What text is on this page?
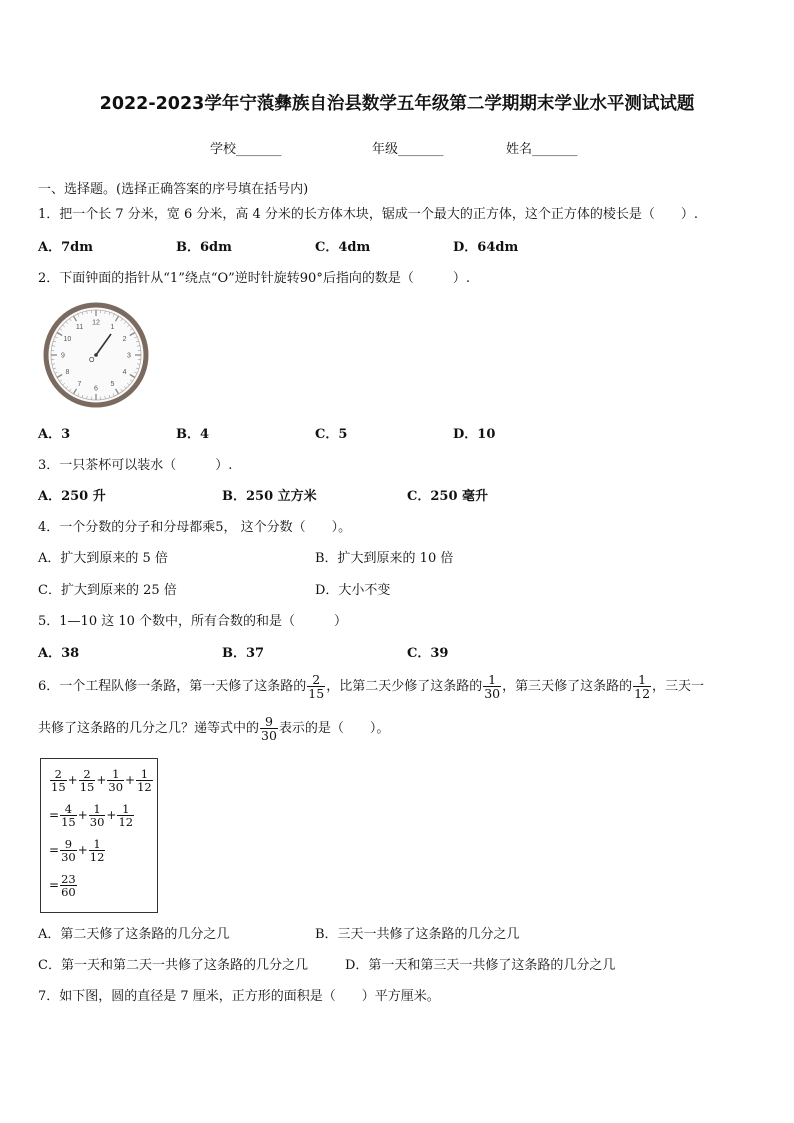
2022-2023学年宁蒗彝族自治县数学五年级第二学期期末学业水平测试试题
学校_______	年级_______	姓名_______
一、选择题。(选择正确答案的序号填在括号内)
1．把一个长 7 分米，宽 6 分米，高 4 分米的长方体木块，锯成一个最大的正方体，这个正方体的棱长是（　　）.
A．7dm	B．6dm	C．4dm	D．64dm
2．下面钟面的指针从“1”绕点“O”逆时针旋转90°后指向的数是（　　　）.
12
1
2
3
4
5
6
7
8
9
10
11
O
A．3	B．4	C．5	D．10
3．一只茶杯可以装水（　　　）.
A．250 升	B．250 立方米	C．250 毫升
4．一个分数的分子和分母都乘5， 这个分数（　　）。
A．扩大到原来的 5 倍	B．扩大到原来的 10 倍
C．扩大到原来的 25 倍	D．大小不变
5．1—10 这 10 个数中，所有合数的和是（　　　）
A．38	B．37	C．39
6．一个工程队修一条路，第一天修了这条路的 $\frac{2}{15}$ ，比第二天少修了这条路的 $\frac{1}{30}$ ，第三天修了这条路的 $\frac{1}{12}$ ，三天一
共修了这条路的几分之几？递等式中的 $\frac{9}{30}$ 表示的是（　　）。
$\frac{2}{15} + \frac{2}{15} + \frac{1}{30} + \frac{1}{12}$
= $\frac{4}{15} + \frac{1}{30} + \frac{1}{12}$
= $\frac{9}{30} + \frac{1}{12}$
= $\frac{23}{60}$
A．第二天修了这条路的几分之几	B．三天一共修了这条路的几分之几
C．第一天和第二天一共修了这条路的几分之几	D．第一天和第三天一共修了这条路的几分之几
7．如下图，圆的直径是 7 厘米，正方形的面积是（　　）平方厘米。
